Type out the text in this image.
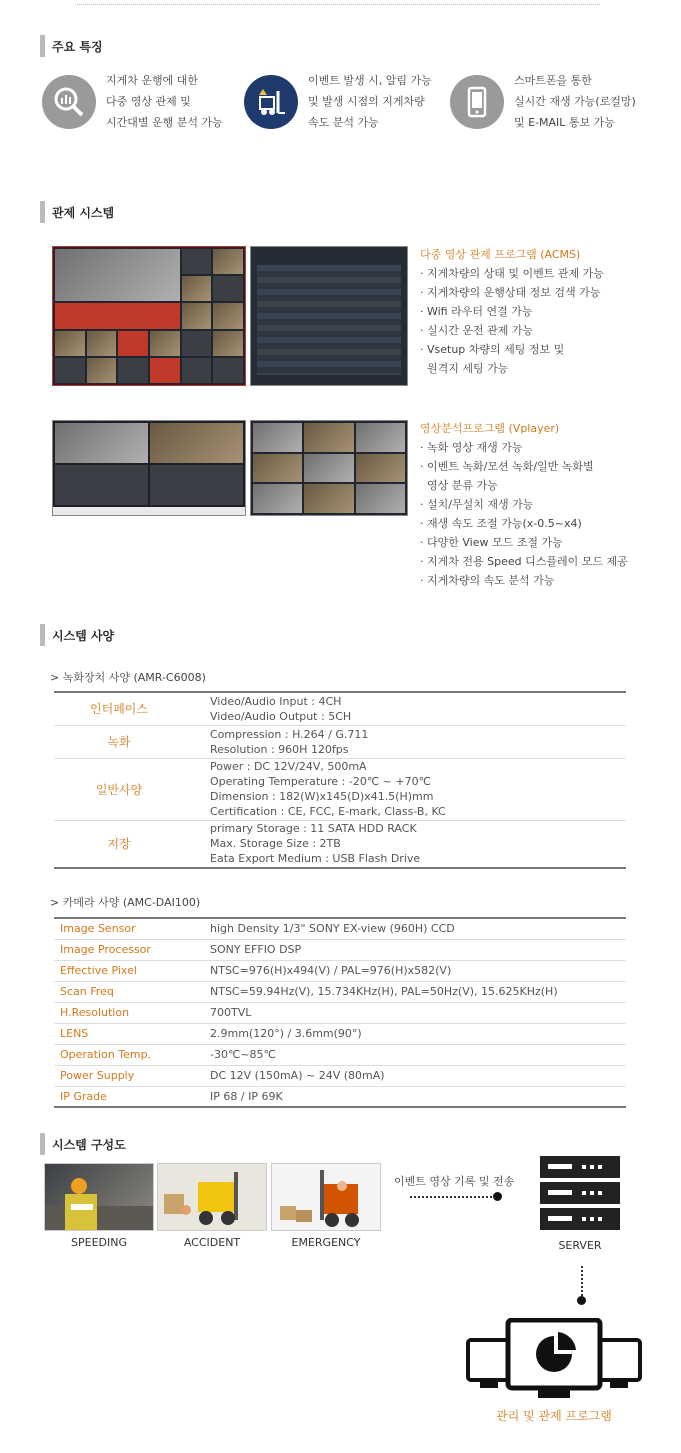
주요 특징
지게차 운행에 대한
다중 영상 관제 및
시간대별 운행 분석 가능
이벤트 발생 시, 알림 가능
및 발생 시점의 지게차량
속도 분석 가능
스마트폰을 통한
실시간 재생 가능(로컬망)
및 E-MAIL 통보 가능
관제 시스템
다중 영상 관제 프로그램 (ACMS)
· 지게차량의 상태 및 이벤트 관제 가능
· 지게차량의 운행상태 정보 검색 가능
· Wifi 라우터 연결 가능
· 실시간 운전 관제 가능
· Vsetup 차량의 세팅 정보 및
원격지 세팅 가능
영상분석프로그램 (Vplayer)
· 녹화 영상 재생 가능
· 이벤트 녹화/모션 녹화/일반 녹화별
영상 분류 가능
· 설치/무설치 재생 가능
· 재생 속도 조절 가능(x-0.5~x4)
· 다양한 View 모드 조절 가능
· 지게차 전용 Speed 디스플레이 모드 제공
· 지게차량의 속도 분석 가능
시스템 사양
> 녹화장치 사양 (AMR-C6008)
인터페이스	Video/Audio Input : 4CH
Video/Audio Output : 5CH

녹화	Compression : H.264 / G.711
Resolution : 960H 120fps

일반사양	Power : DC 12V/24V, 500mA
Operating Temperature : -20℃ ~ +70℃
Dimension : 182(W)x145(D)x41.5(H)mm
Certification : CE, FCC, E-mark, Class-B, KC

저장	primary Storage : 11 SATA HDD RACK
Max. Storage Size : 2TB
Eata Export Medium : USB Flash Drive
> 카메라 사양 (AMC-DAI100)
Image Sensor	high Density 1/3" SONY EX-view (960H) CCD
Image Processor	SONY EFFIO DSP
Effective Pixel	NTSC=976(H)x494(V) / PAL=976(H)x582(V)
Scan Freq	NTSC=59.94Hz(V), 15.734KHz(H), PAL=50Hz(V), 15.625KHz(H)
H.Resolution	700TVL
LENS	2.9mm(120°) / 3.6mm(90°)
Operation Temp.	-30℃~85℃
Power Supply	DC 12V (150mA) ~ 24V (80mA)
IP Grade	IP 68 / IP 69K
시스템 구성도
SPEEDING	ACCIDENT	EMERGENCY
이벤트 영상 기록 및 전송
SERVER
관리 및 관제 프로그램
